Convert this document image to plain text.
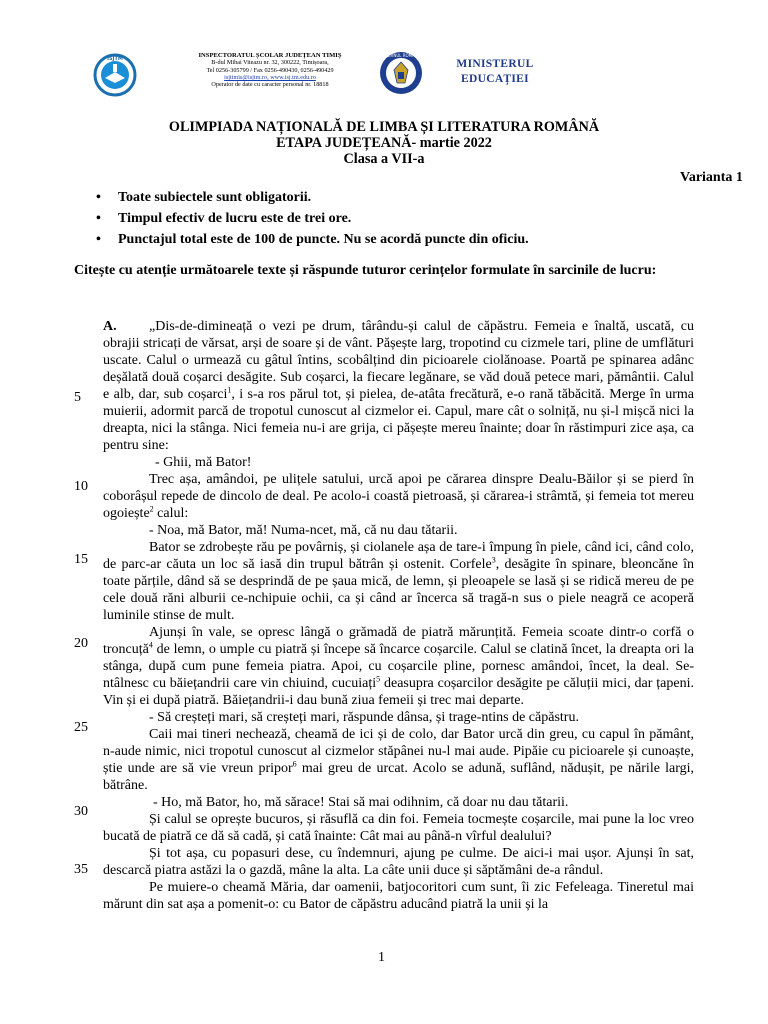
ISJTM	INSPECTORATUL ȘCOLAR JUDEȚEAN TIMIȘ
B-dul Mihai Viteazu nr. 32, 300222, Timișoara,
Tel 0256-305799 / Fax 0256-490430, 0256-490429
isjtimis@isjtm.ro, www.isj.tm.edu.ro
Operator de date cu caracter personal nr. 18818
GUVERNUL ROMÂNIEI
MINISTERUL
EDUCAȚIEI
OLIMPIADA NAȚIONALĂ DE LIMBA ȘI LITERATURA ROMÂNĂ
ETAPA JUDEȚEANĂ- martie 2022
Clasa a VII-a
Varianta 1
• Toate subiectele sunt obligatorii.
• Timpul efectiv de lucru este de trei ore.
• Punctajul total este de 100 de puncte. Nu se acordă puncte din oficiu.
Citește cu atenție următoarele texte și răspunde tuturor cerințelor formulate în sarcinile de lucru:
5
10
15
20
25
30
35

A. „Dis-de-dimineață o vezi pe drum, târându-și calul de căpăstru. Femeia e înaltă, uscată, cu obrajii stricați de vărsat, arși de soare și de vânt. Pășește larg, tropotind cu cizmele tari, pline de umflături uscate. Calul o urmează cu gâtul întins, scobâlțind din picioarele ciolănoase. Poartă pe spinarea adânc deșălată două coșarci desăgite. Sub coșarci, la fiecare legănare, se văd două petece mari, pământii. Calul e alb, dar, sub coșarci$^1$, i s-a ros părul tot, și pielea, de-atâta frecătură, e-o rană tăbăcită. Merge în urma muierii, adormit parcă de tropotul cunoscut al cizmelor ei. Capul, mare cât o solniță, nu și-l mișcă nici la dreapta, nici la stânga. Nici femeia nu-i are grija, ci pășește mereu înainte; doar în răstimpuri zice așa, ca pentru sine:

- Ghii, mă Bator!

Trec așa, amândoi, pe ulițele satului, urcă apoi pe cărarea dinspre Dealu-Băilor și se pierd în coborâșul repede de dincolo de deal. Pe acolo-i coastă pietroasă, și cărarea-i strâmtă, și femeia tot mereu ogoiește$^2$ calul:

- Noa, mă Bator, mă! Numa-ncet, mă, că nu dau tătarii.

Bator se zdrobește rău pe povârniș, și ciolanele așa de tare-i împung în piele, când ici, când colo, de parc-ar căuta un loc să iasă din trupul bătrân și ostenit. Corfele$^3$, desăgite în spinare, bleoncăne în toate părțile, dând să se desprindă de pe șaua mică, de lemn, și pleoapele se lasă și se ridică mereu de pe cele două răni alburii ce-nchipuie ochii, ca și când ar încerca să tragă-n sus o piele neagră ce acoperă luminile stinse de mult.

Ajunși în vale, se opresc lângă o grămadă de piatră mărunțită. Femeia scoate dintr-o corfă o troncuță$^4$ de lemn, o umple cu piatră și începe să încarce coșarcile. Calul se clatină încet, la dreapta ori la stânga, după cum pune femeia piatra. Apoi, cu coșarcile pline, pornesc amândoi, încet, la deal. Se-ntâlnesc cu băiețandrii care vin chiuind, cucuiați$^5$ deasupra coșarcilor desăgite pe căluții mici, dar țapeni. Vin și ei după piatră. Băiețandrii-i dau bună ziua femeii și trec mai departe.

- Să creșteți mari, să creșteți mari, răspunde dânsa, și trage-ntins de căpăstru.

Caii mai tineri nechează, cheamă de ici și de colo, dar Bator urcă din greu, cu capul în pământ, n-aude nimic, nici tropotul cunoscut al cizmelor stăpânei nu-l mai aude. Pipăie cu picioarele și cunoaște, știe unde are să vie vreun pripor$^6$ mai greu de urcat. Acolo se adună, suflând, nădușit, pe nările largi, bătrâne.

- Ho, mă Bator, ho, mă săracе! Stai să mai odihnim, că doar nu dau tătarii.

Și calul se oprește bucuros, și răsuflă ca din foi. Femeia tocmește coșarcile, mai pune la loc vreo bucată de piatră ce dă să cadă, și cată înainte: Cât mai au până-n vîrful dealului?

Și tot așa, cu popasuri dese, cu îndemnuri, ajung pe culme. De aici-i mai ușor. Ajunși în sat, descarcă piatra astăzi la o gazdă, mâne la alta. La câte unii duce și săptămâni de-a rândul.

Pe muiere-o cheamă Măria, dar oamenii, batjocoritori cum sunt, îi zic Fefeleaga. Tineretul mai mărunt din sat așa a pomenit-o: cu Bator de căpăstru aducând piatră la unii și la

1
